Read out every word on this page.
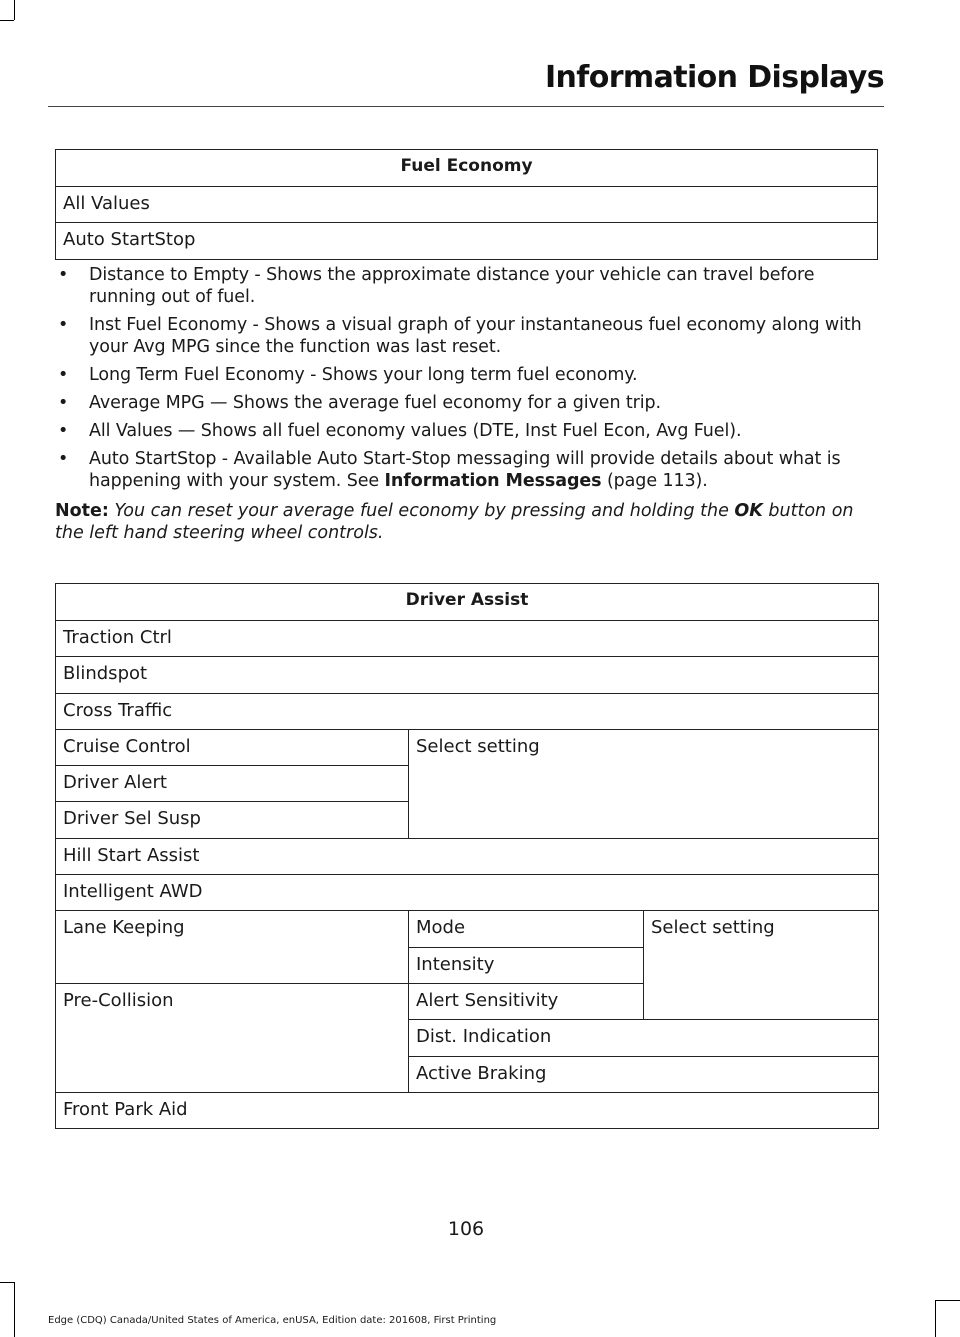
Information Displays
Fuel Economy
All Values
Auto StartStop
• Distance to Empty - Shows the approximate distance your vehicle can travel before running out of fuel.
• Inst Fuel Economy - Shows a visual graph of your instantaneous fuel economy along with your Avg MPG since the function was last reset.
• Long Term Fuel Economy - Shows your long term fuel economy.
• Average MPG — Shows the average fuel economy for a given trip.
• All Values — Shows all fuel economy values (DTE, Inst Fuel Econ, Avg Fuel).
• Auto StartStop - Available Auto Start-Stop messaging will provide details about what is happening with your system. See Information Messages (page 113).
Note: You can reset your average fuel economy by pressing and holding the OK button on the left hand steering wheel controls.
Driver Assist		
Traction Ctrl		
Blindspot		
Cross Traffic		
Cruise Control	Select setting	
Driver Alert		
Driver Sel Susp		
Hill Start Assist		
Intelligent AWD		
Lane Keeping	Mode	Select setting
	Intensity	
Pre-Collision	Alert Sensitivity	
	Dist. Indication	
	Active Braking	
Front Park Aid		
106
Edge (CDQ) Canada/United States of America, enUSA, Edition date: 201608, First Printing
